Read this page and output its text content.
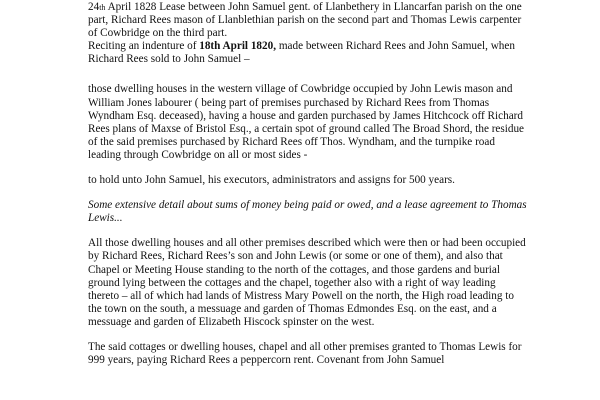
24th April 1828 Lease between John Samuel gent. of Llanbethery in Llancarfan parish on the one part, Richard Rees mason of Llanblethian parish on the second part and Thomas Lewis carpenter of Cowbridge on the third part.

Reciting an indenture of 18th April 1820, made between Richard Rees and John Samuel, when Richard Rees sold to John Samuel –

those dwelling houses in the western village of Cowbridge occupied by John Lewis mason and William Jones labourer ( being part of premises purchased by Richard Rees from Thomas Wyndham Esq. deceased), having a house and garden purchased by James Hitchcock off Richard Rees plans of Maxse of Bristol Esq., a certain spot of ground called The Broad Shord, the residue of the said premises purchased by Richard Rees off Thos. Wyndham, and the turnpike road leading through Cowbridge on all or most sides -

to hold unto John Samuel, his executors, administrators and assigns for 500 years.

Some extensive detail about sums of money being paid or owed, and a lease agreement to Thomas Lewis...

All those dwelling houses and all other premises described which were then or had been occupied by Richard Rees, Richard Rees’s son and John Lewis (or some or one of them), and also that Chapel or Meeting House standing to the north of the cottages, and those gardens and burial ground lying between the cottages and the chapel, together also with a right of way leading thereto – all of which had lands of Mistress Mary Powell on the north, the High road leading to the town on the south, a messuage and garden of Thomas Edmondes Esq. on the east, and a messuage and garden of Elizabeth Hiscock spinster on the west.

The said cottages or dwelling houses, chapel and all other premises granted to Thomas Lewis for 999 years, paying Richard Rees a peppercorn rent. Covenant from John Samuel
